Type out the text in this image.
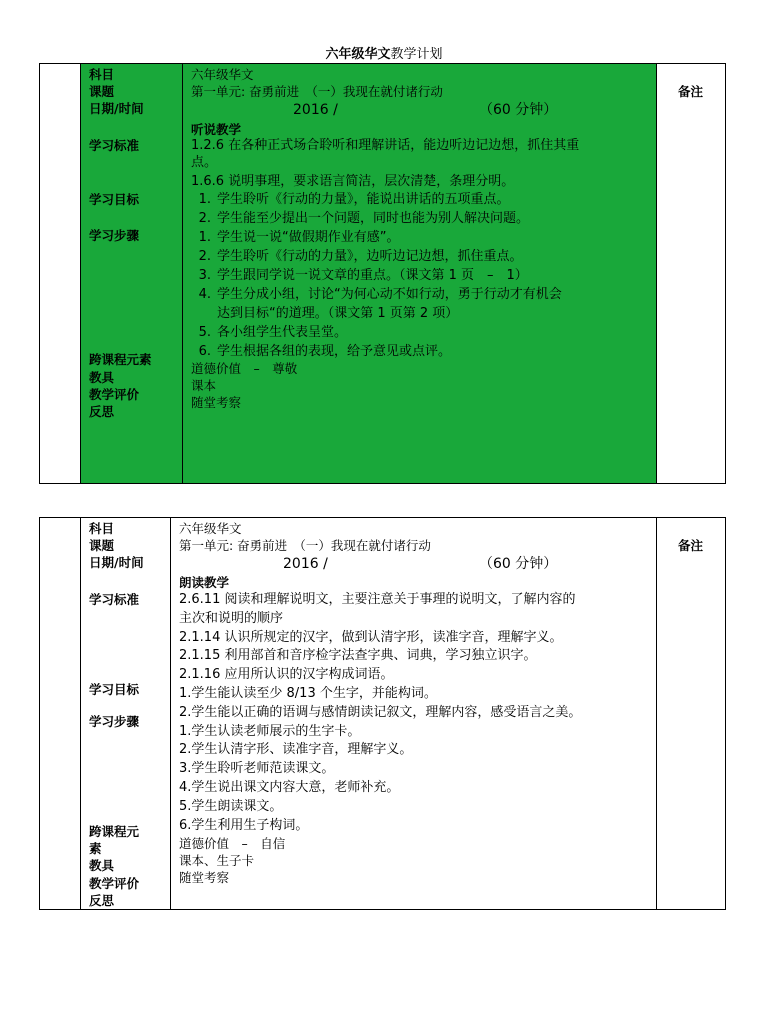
六年级华文教学计划
科目
课题
日期/时间
学习标准
学习目标
学习步骤
跨课程元素
教具
教学评价
反思
六年级华文
第一单元: 奋勇前进　（一）我现在就付诸行动
2016 /	（60 分钟）
听说教学
1.2.6 在各种正式场合聆听和理解讲话，能边听边记边想，抓住其重
点。
1.6.6 说明事理，要求语言简洁，层次清楚，条理分明。
1. 学生聆听《行动的力量》，能说出讲话的五项重点。
2. 学生能至少提出一个问题，同时也能为别人解决问题。
1. 学生说一说“做假期作业有感”。
2. 学生聆听《行动的力量》，边听边记边想，抓住重点。
3. 学生跟同学说一说文章的重点。（课文第 1 页　–　1）
4. 学生分成小组，讨论“为何心动不如行动，勇于行动才有机会
达到目标“的道理。（课文第 1 页第 2 项）
5. 各小组学生代表呈堂。
6. 学生根据各组的表现，给予意见或点评。
道德价值　–　尊敬
课本
随堂考察
备注
科目
课题
日期/时间
学习标准
学习目标
学习步骤
跨课程元
素
教具
教学评价
反思
六年级华文
第一单元: 奋勇前进　（一）我现在就付诸行动
2016 /	（60 分钟）
朗读教学
2.6.11 阅读和理解说明文，主要注意关于事理的说明文，了解内容的
主次和说明的顺序
2.1.14 认识所规定的汉字，做到认清字形，读准字音，理解字义。
2.1.15 利用部首和音序检字法查字典、词典，学习独立识字。
2.1.16 应用所认识的汉字构成词语。
1.学生能认读至少 8/13 个生字，并能构词。
2.学生能以正确的语调与感情朗读记叙文，理解内容，感受语言之美。
1.学生认读老师展示的生字卡。
2.学生认清字形、读准字音，理解字义。
3.学生聆听老师范读课文。
4.学生说出课文内容大意，老师补充。
5.学生朗读课文。
6.学生利用生子构词。
道德价值　–　自信
课本、生子卡
随堂考察
备注
